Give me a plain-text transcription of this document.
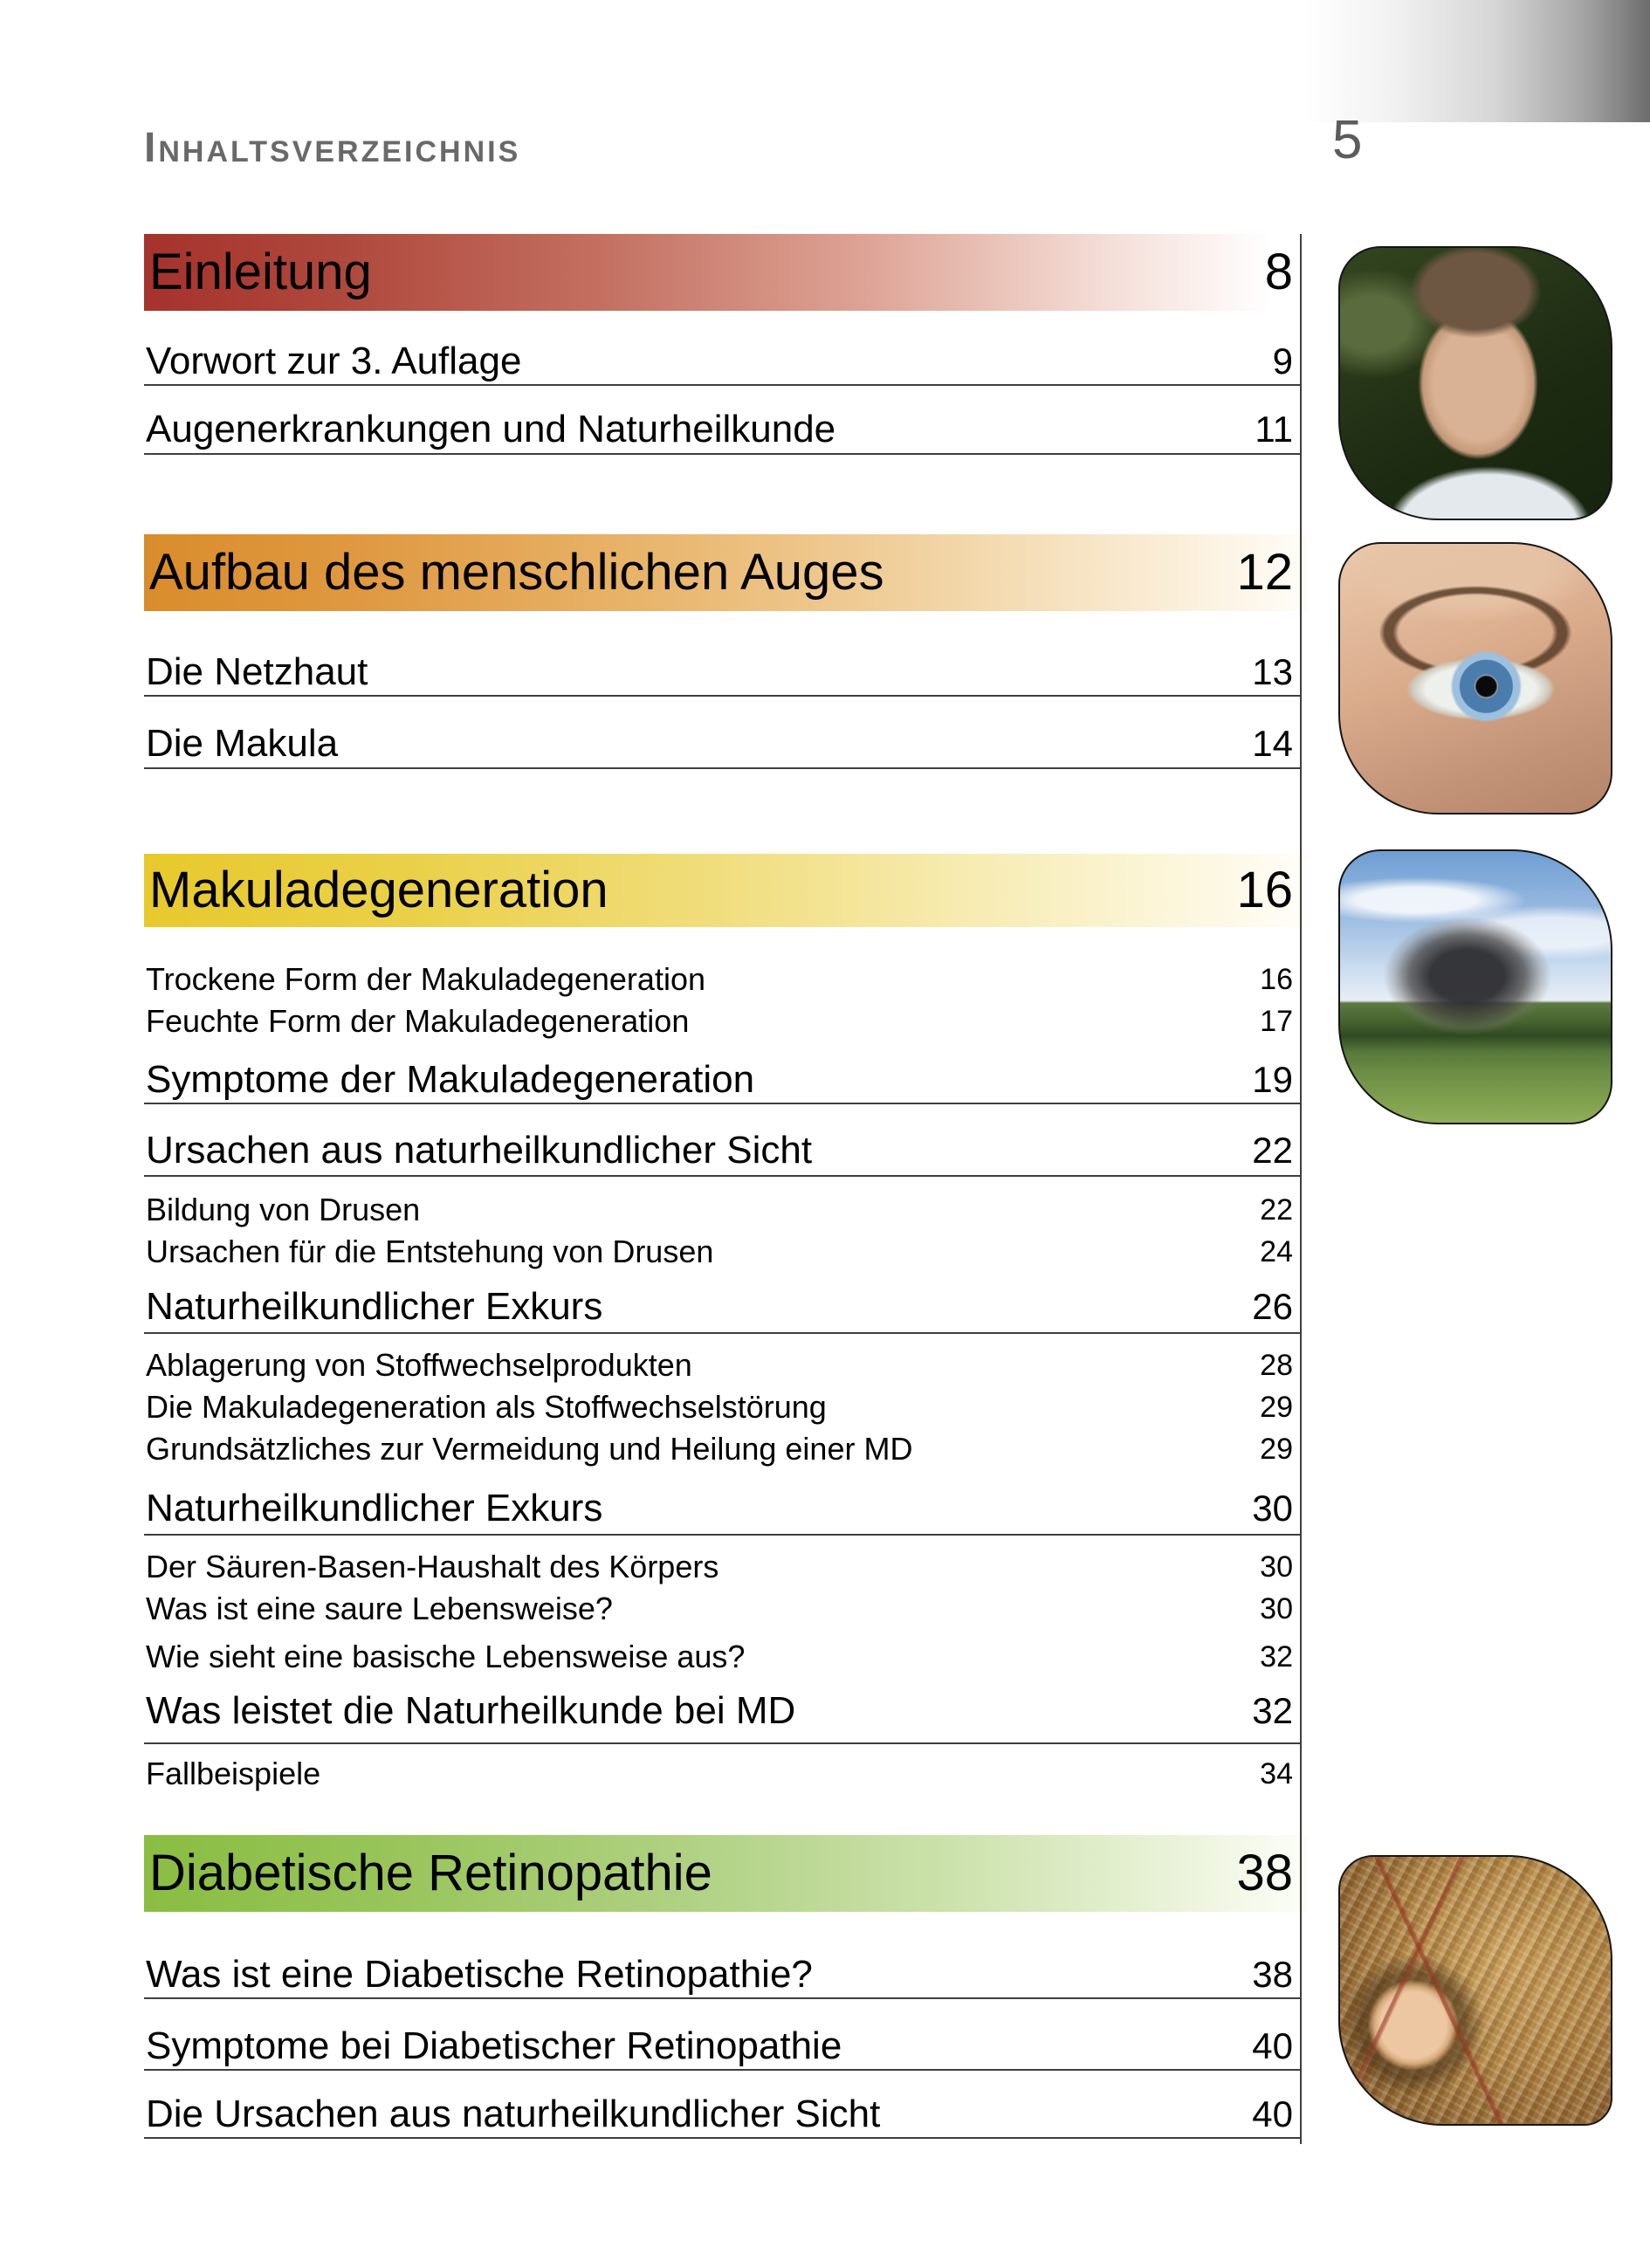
Inhaltsverzeichnis	5
Einleitung	8
Vorwort zur 3. Auflage	9
Augenerkrankungen und Naturheilkunde	11
Aufbau des menschlichen Auges	12
Die Netzhaut	13
Die Makula	14
Makuladegeneration	16
Trockene Form der Makuladegeneration	16
Feuchte Form der Makuladegeneration	17
Symptome der Makuladegeneration	19
Ursachen aus naturheilkundlicher Sicht	22
Bildung von Drusen	22
Ursachen für die Entstehung von Drusen	24
Naturheilkundlicher Exkurs	26
Ablagerung von Stoffwechselprodukten	28
Die Makuladegeneration als Stoffwechselstörung	29
Grundsätzliches zur Vermeidung und Heilung einer MD	29
Naturheilkundlicher Exkurs	30
Der Säuren-Basen-Haushalt des Körpers	30
Was ist eine saure Lebensweise?	30
Wie sieht eine basische Lebensweise aus?	32
Was leistet die Naturheilkunde bei MD	32
Fallbeispiele	34
Diabetische Retinopathie	38
Was ist eine Diabetische Retinopathie?	38
Symptome bei Diabetischer Retinopathie	40
Die Ursachen aus naturheilkundlicher Sicht	40
